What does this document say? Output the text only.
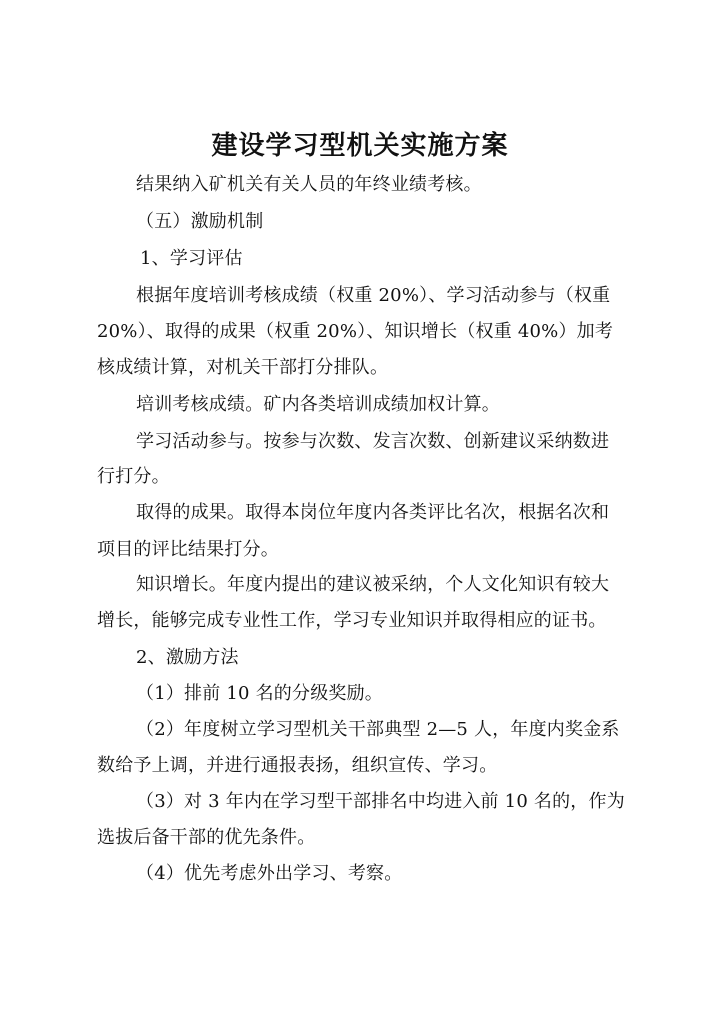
建设学习型机关实施方案
结果纳入矿机关有关人员的年终业绩考核。
（五）激励机制
1、学习评估
根据年度培训考核成绩（权重 20%）、学习活动参与（权重
20%）、取得的成果（权重 20%）、知识增长（权重 40%）加考
核成绩计算，对机关干部打分排队。
培训考核成绩。矿内各类培训成绩加权计算。
学习活动参与。按参与次数、发言次数、创新建议采纳数进
行打分。
取得的成果。取得本岗位年度内各类评比名次，根据名次和
项目的评比结果打分。
知识增长。年度内提出的建议被采纳，个人文化知识有较大
增长，能够完成专业性工作，学习专业知识并取得相应的证书。
2、激励方法
（1）排前 10 名的分级奖励。
（2）年度树立学习型机关干部典型 2—5 人，年度内奖金系
数给予上调，并进行通报表扬，组织宣传、学习。
（3）对 3 年内在学习型干部排名中均进入前 10 名的，作为
选拔后备干部的优先条件。
（4）优先考虑外出学习、考察。
